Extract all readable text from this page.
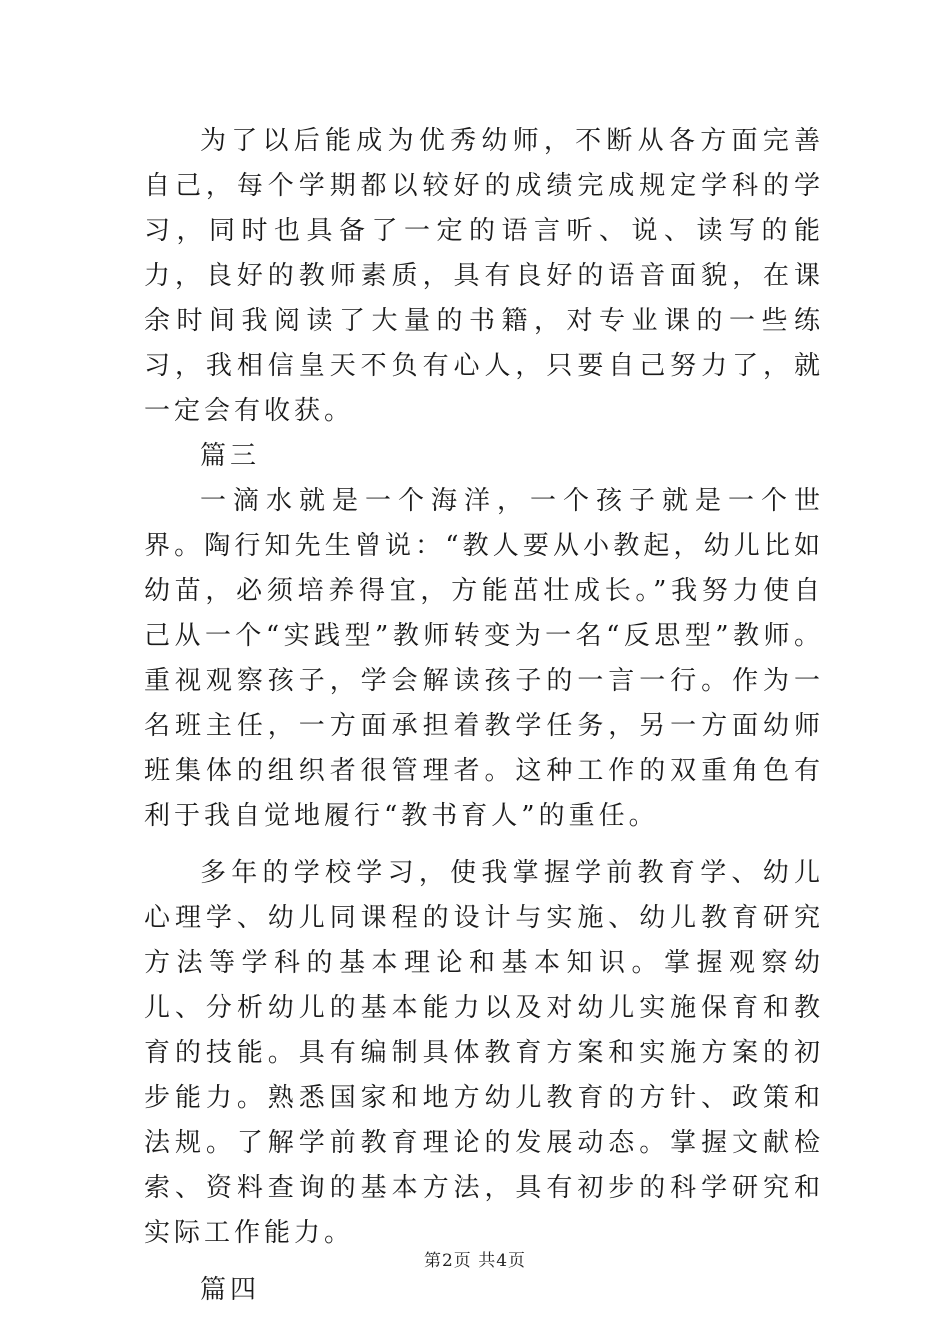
为了以后能成为优秀幼师，不断从各方面完善自己，每个学期都以较好的成绩完成规定学科的学习，同时也具备了一定的语言听、说、读写的能力，良好的教师素质，具有良好的语音面貌，在课余时间我阅读了大量的书籍，对专业课的一些练习，我相信皇天不负有心人，只要自己努力了，就一定会有收获。

篇三

一滴水就是一个海洋，一个孩子就是一个世界。陶行知先生曾说：“教人要从小教起，幼儿比如幼苗，必须培养得宜，方能茁壮成长。”我努力使自己从一个“实践型”教师转变为一名“反思型”教师。重视观察孩子，学会解读孩子的一言一行。作为一名班主任，一方面承担着教学任务，另一方面幼师班集体的组织者很管理者。这种工作的双重角色有利于我自觉地履行“教书育人”的重任。

多年的学校学习，使我掌握学前教育学、幼儿心理学、幼儿同课程的设计与实施、幼儿教育研究方法等学科的基本理论和基本知识。掌握观察幼儿、分析幼儿的基本能力以及对幼儿实施保育和教育的技能。具有编制具体教育方案和实施方案的初步能力。熟悉国家和地方幼儿教育的方针、政策和法规。了解学前教育理论的发展动态。掌握文献检索、资料查询的基本方法，具有初步的科学研究和实际工作能力。

篇四

第2页 共4页
